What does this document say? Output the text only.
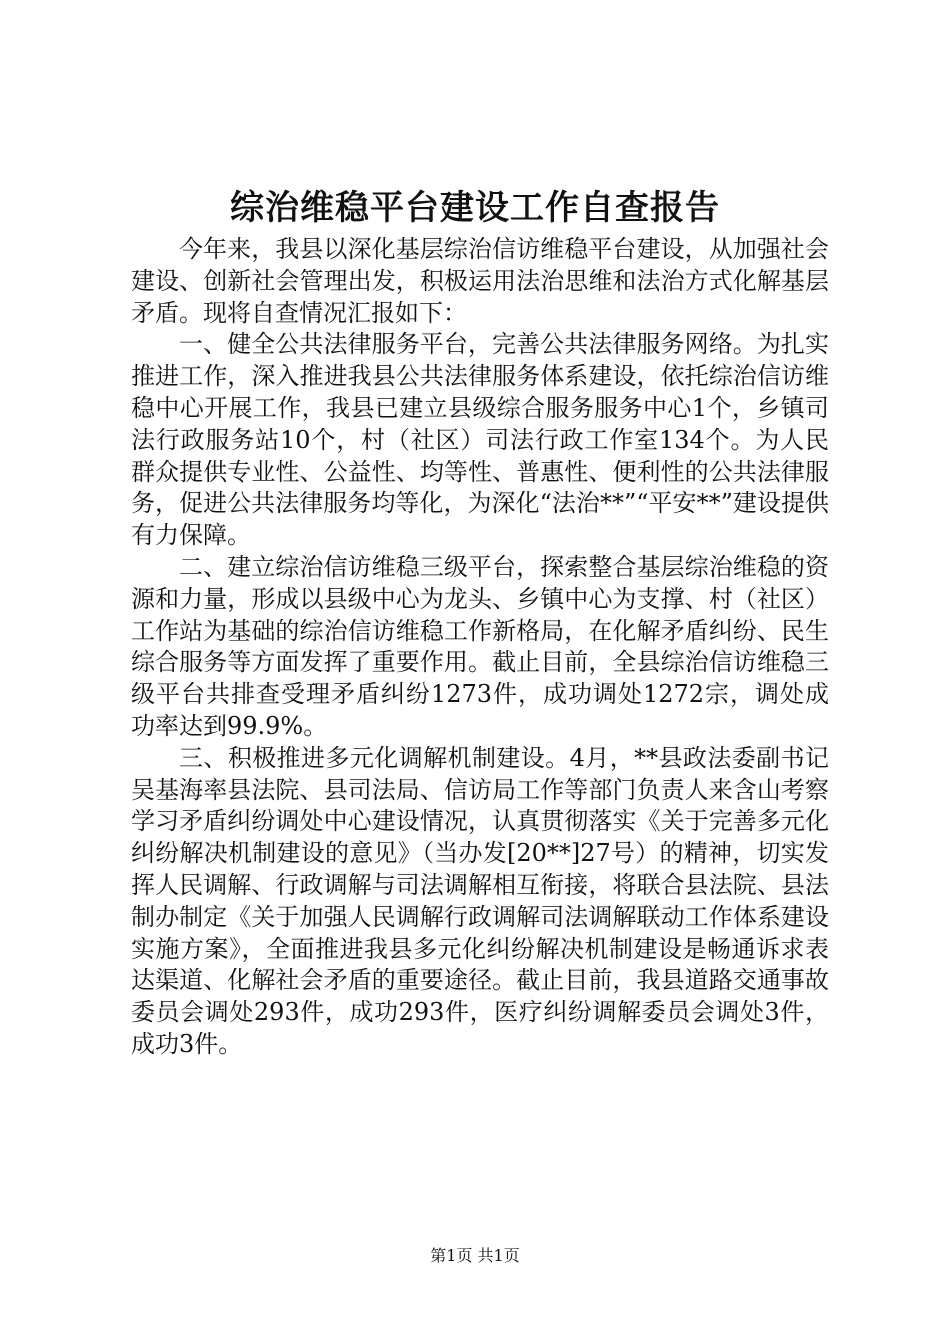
综治维稳平台建设工作自查报告

今年来，我县以深化基层综治信访维稳平台建设，从加强社会建设、创新社会管理出发，积极运用法治思维和法治方式化解基层矛盾。现将自查情况汇报如下：

一、健全公共法律服务平台，完善公共法律服务网络。为扎实推进工作，深入推进我县公共法律服务体系建设，依托综治信访维稳中心开展工作，我县已建立县级综合服务服务中心1个，乡镇司法行政服务站10个，村（社区）司法行政工作室134个。为人民群众提供专业性、公益性、均等性、普惠性、便利性的公共法律服务，促进公共法律服务均等化，为深化“法治**”“平安**”建设提供有力保障。

二、建立综治信访维稳三级平台，探索整合基层综治维稳的资源和力量，形成以县级中心为龙头、乡镇中心为支撑、村（社区）工作站为基础的综治信访维稳工作新格局，在化解矛盾纠纷、民生综合服务等方面发挥了重要作用。截止目前，全县综治信访维稳三级平台共排查受理矛盾纠纷1273件，成功调处1272宗，调处成功率达到99.9%。

三、积极推进多元化调解机制建设。4月，**县政法委副书记吴基海率县法院、县司法局、信访局工作等部门负责人来含山考察学习矛盾纠纷调处中心建设情况，认真贯彻落实《关于完善多元化纠纷解决机制建设的意见》（当办发[20**]27号）的精神，切实发挥人民调解、行政调解与司法调解相互衔接，将联合县法院、县法制办制定《关于加强人民调解行政调解司法调解联动工作体系建设实施方案》，全面推进我县多元化纠纷解决机制建设是畅通诉求表达渠道、化解社会矛盾的重要途径。截止目前，我县道路交通事故委员会调处293件，成功293件，医疗纠纷调解委员会调处3件，成功3件。

第1页 共1页
